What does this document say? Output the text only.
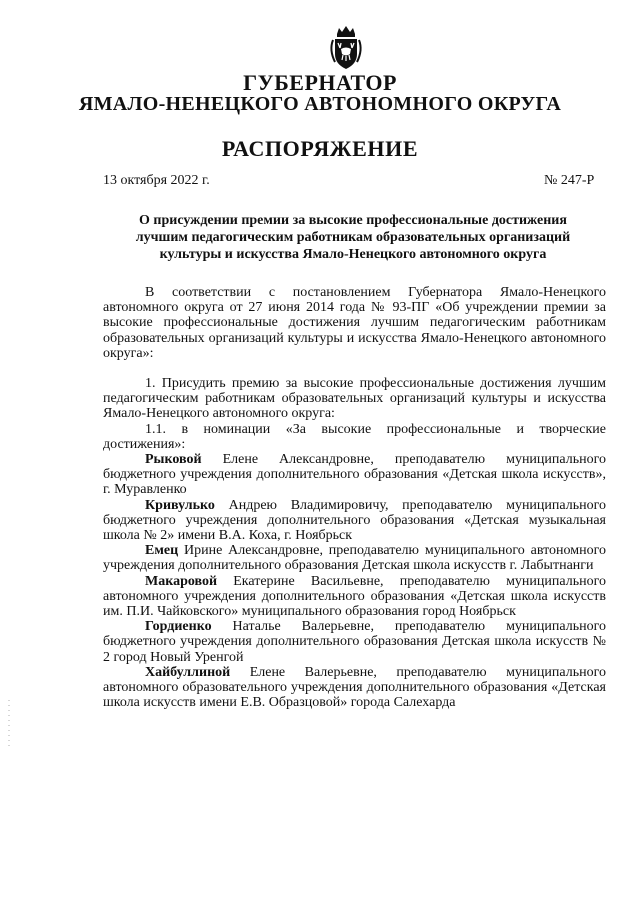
ГУБЕРНАТОР
ЯМАЛО-НЕНЕЦКОГО АВТОНОМНОГО ОКРУГА
РАСПОРЯЖЕНИЕ
13 октября 2022 г.	№ 247-Р
О присуждении премии за высокие профессиональные достижения
лучшим педагогическим работникам образовательных организаций
культуры и искусства Ямало-Ненецкого автономного округа

В соответствии с постановлением Губернатора Ямало-Ненецкого автономного округа от 27 июня 2014 года № 93-ПГ «Об учреждении премии за высокие профессиональные достижения лучшим педагогическим работникам образовательных организаций культуры и искусства Ямало-Ненецкого автономного округа»:

1. Присудить премию за высокие профессиональные достижения лучшим педагогическим работникам образовательных организаций культуры и искусства Ямало-Ненецкого автономного округа:

1.1. в номинации «За высокие профессиональные и творческие достижения»:

Рыковой Елене Александровне, преподавателю муниципального бюджетного учреждения дополнительного образования «Детская школа искусств», г. Муравленко

Кривулько Андрею Владимировичу, преподавателю муниципального бюджетного учреждения дополнительного образования «Детская музыкальная школа № 2» имени В.А. Коха, г. Ноябрьск

Емец Ирине Александровне, преподавателю муниципального автономного учреждения дополнительного образования Детская школа искусств г. Лабытнанги

Макаровой Екатерине Васильевне, преподавателю муниципального автономного учреждения дополнительного образования «Детская школа искусств им. П.И. Чайковского» муниципального образования город Ноябрьск

Гордиенко Наталье Валерьевне, преподавателю муниципального бюджетного учреждения дополнительного образования Детская школа искусств № 2 город Новый Уренгой

Хайбуллиной Елене Валерьевне, преподавателю муниципального автономного образовательного учреждения дополнительного образования «Детская школа искусств имени Е.В. Образцовой» города Салехарда
